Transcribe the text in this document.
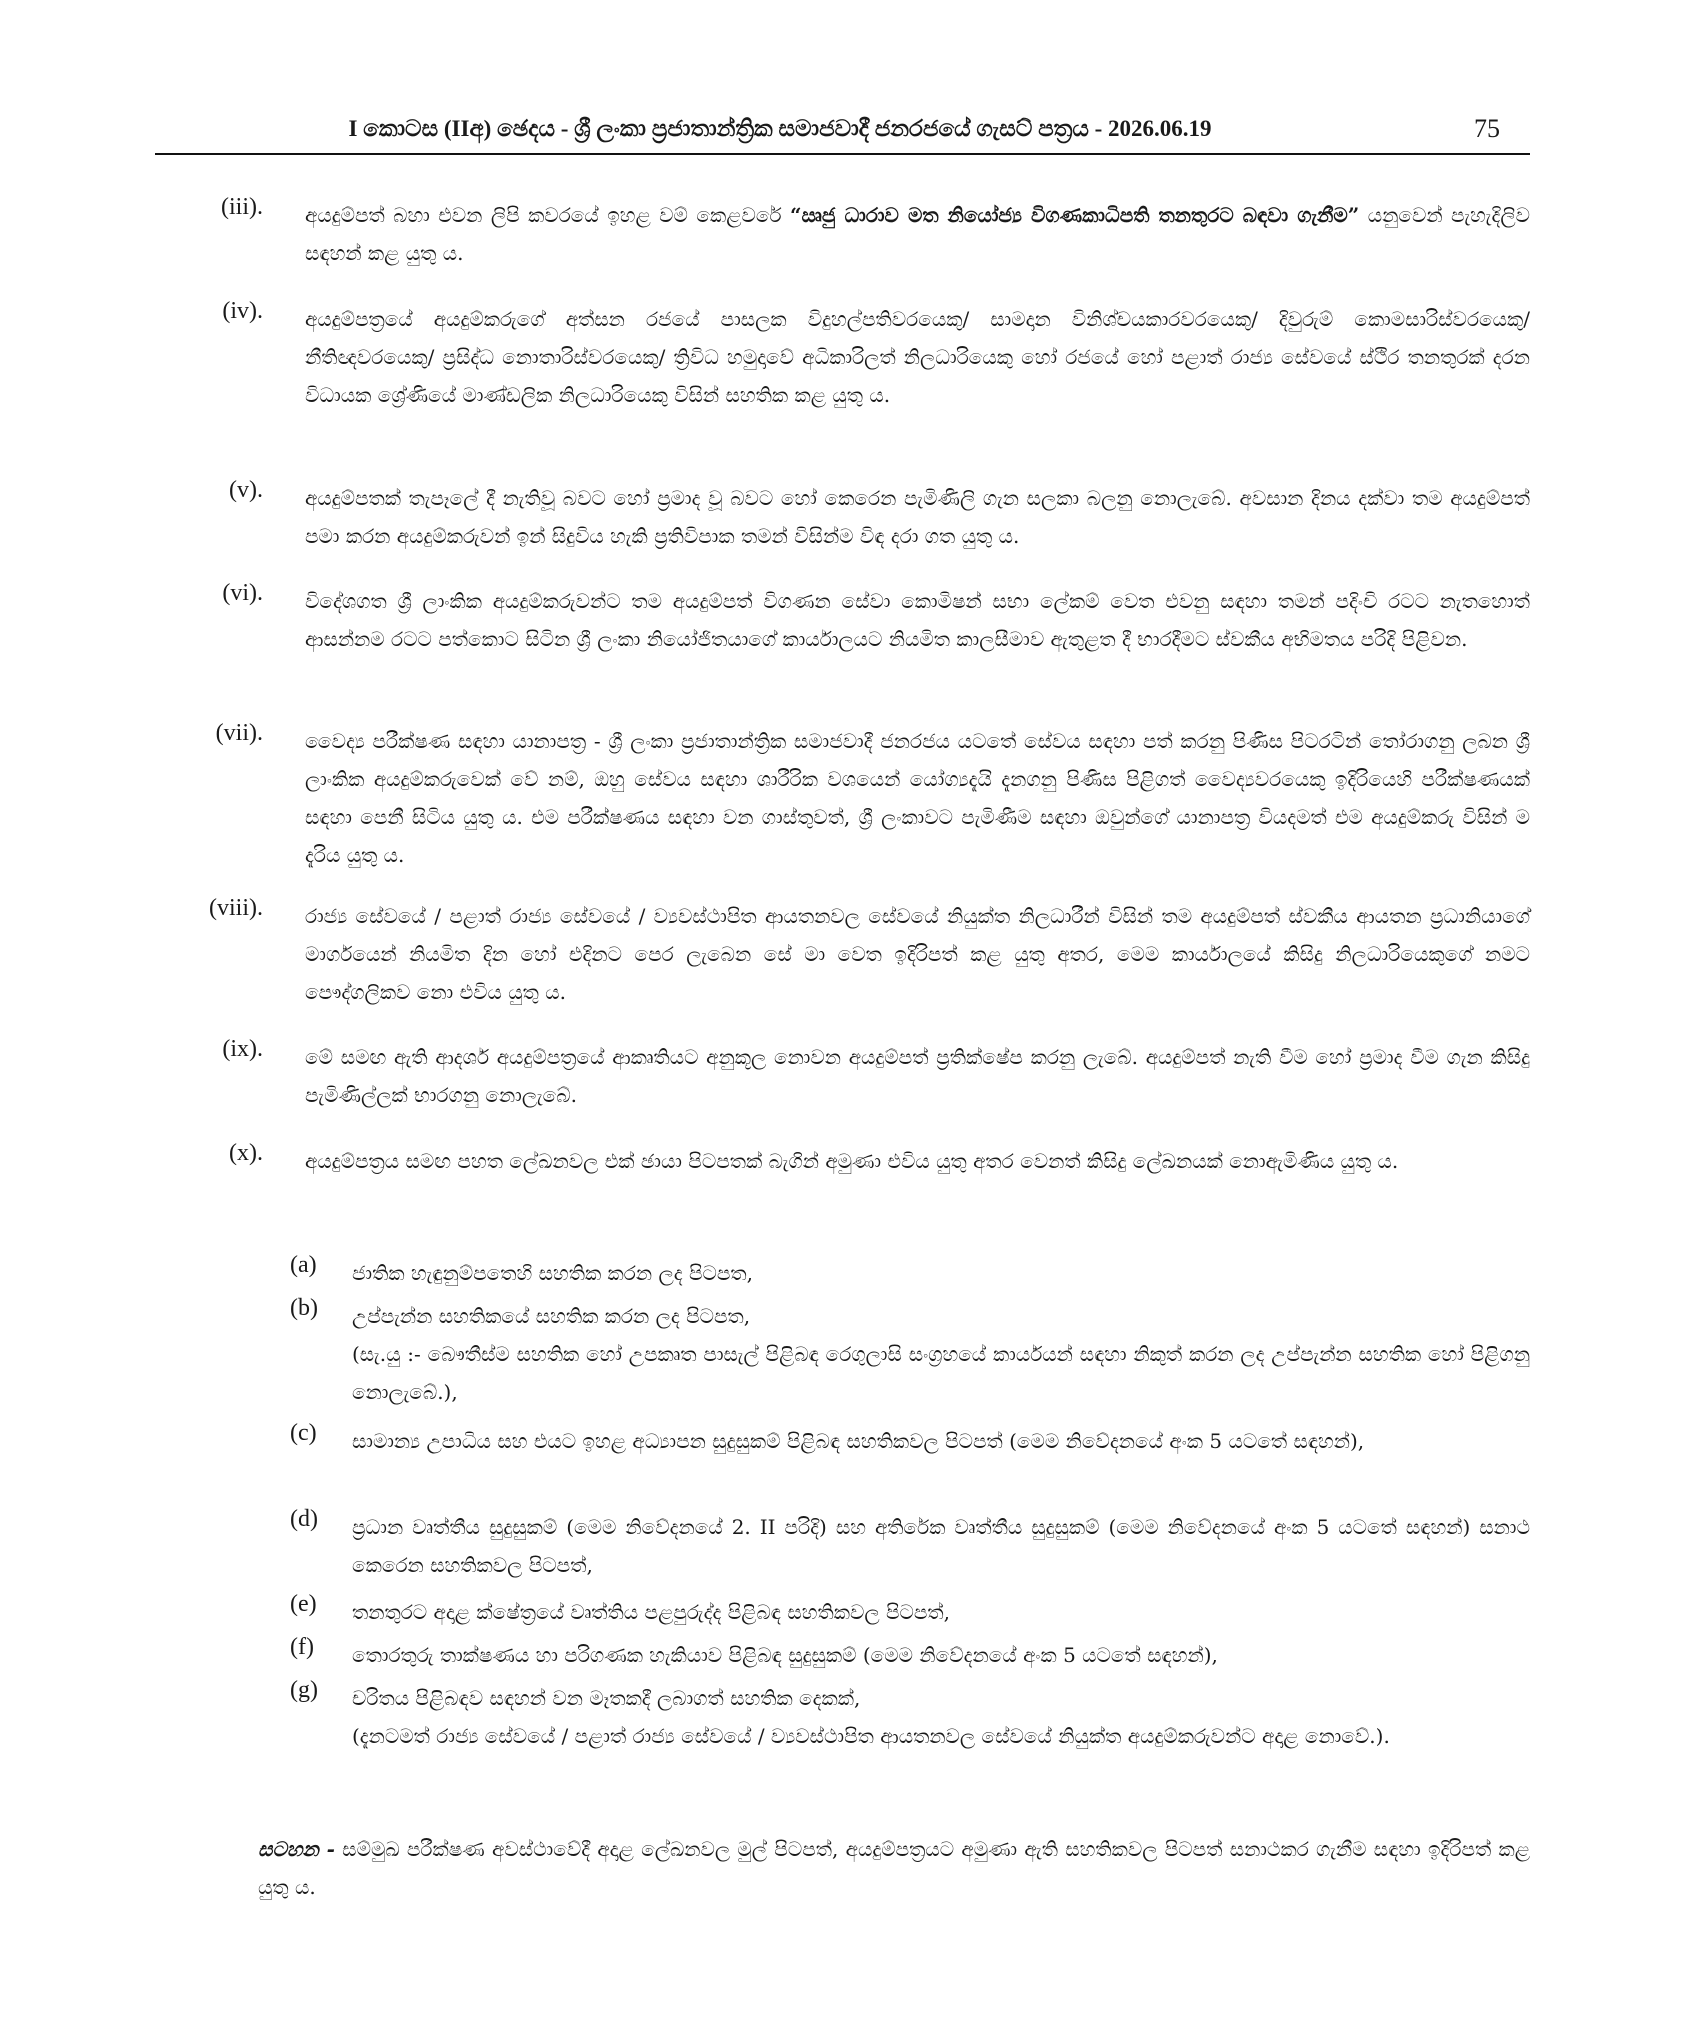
I කොටස (IIඅ) ඡෙදය - ශ්‍රී ලංකා ප්‍රජාතාන්ත්‍රික සමාජවාදී ජනරජයේ ගැසට් පත්‍රය - 2026.06.19	75
(iii). අයදුම්පත් බහා එවන ලිපි කවරයේ ඉහළ වම් කෙළවරේ “ඍජු ධාරාව මත නියෝජ්‍ය විගණකාධිපති තනතුරට බඳවා ගැනීම” යනුවෙන් පැහැදිලිව සඳහන් කළ යුතු ය.
(iv). අයදුම්පත්‍රයේ අයදුම්කරුගේ අත්සන රජයේ පාසලක විදුහල්පතිවරයෙකු/ සාමදාන විනිශ්චයකාරවරයෙකු/ දිවුරුම් කොමසාරිස්වරයෙකු/ නීතිඥවරයෙකු/ ප්‍රසිද්ධ නොතාරිස්වරයෙකු/ ත්‍රිවිධ හමුදාවේ අධිකාරිලත් නිලධාරියෙකු හෝ රජයේ හෝ පළාත් රාජ්‍ය සේවයේ ස්ථිර තනතුරක් දරන විධායක ශ්‍රේණියේ මාණ්ඩලික නිලධාරියෙකු විසින් සහතික කළ යුතු ය.
(v). අයදුම්පතක් තැපෑලේ දී නැතිවූ බවට හෝ ප්‍රමාද වූ බවට හෝ කෙරෙන පැමිණිලි ගැන සලකා බලනු නොලැබේ. අවසාන දිනය දක්වා තම අයදුම්පත් පමා කරන අයදුම්කරුවන් ඉන් සිදුවිය හැකි ප්‍රතිවිපාක තමන් විසින්ම විඳ දරා ගත යුතු ය.
(vi). විදේශගත ශ්‍රී ලාංකික අයදුම්කරුවන්ට තම අයදුම්පත් විගණන සේවා කොමිෂන් සභා ලේකම් වෙත එවනු සඳහා තමන් පදිංචි රටට නැතහොත් ආසන්නම රටට පත්කොට සිටින ශ්‍රී ලංකා නියෝජිතයාගේ කාර්යාලයට නියමිත කාලසීමාව ඇතුළත දී භාරදීමට ස්වකීය අභිමතය පරිදි පිළිවන.
(vii). වෛද්‍ය පරීක්ෂණ සඳහා යානාපත්‍ර - ශ්‍රී ලංකා ප්‍රජාතාන්ත්‍රික සමාජවාදී ජනරජය යටතේ සේවය සඳහා පත් කරනු පිණිස පිටරටින් තෝරාගනු ලබන ශ්‍රී ලාංකික අයදුම්කරුවෙක් වේ නම්, ඔහු සේවය සඳහා ශාරීරික වශයෙන් යෝග්‍යදැයි දැනගනු පිණිස පිළිගත් වෛද්‍යවරයෙකු ඉදිරියෙහි පරීක්ෂණයක් සඳහා පෙනී සිටිය යුතු ය. එම පරීක්ෂණය සඳහා වන ගාස්තුවත්, ශ්‍රී ලංකාවට පැමිණීම සඳහා ඔවුන්ගේ යානාපත්‍ර වියදමත් එම අයදුම්කරු විසින් ම දැරිය යුතු ය.
(viii). රාජ්‍ය සේවයේ / පළාත් රාජ්‍ය සේවයේ / ව්‍යවස්ථාපිත ආයතනවල සේවයේ නියුක්ත නිලධාරීන් විසින් තම අයදුම්පත් ස්වකීය ආයතන ප්‍රධානියාගේ මාර්ගයෙන් නියමිත දින හෝ එදිනට පෙර ලැබෙන සේ මා වෙත ඉදිරිපත් කළ යුතු අතර, මෙම කාර්යාලයේ කිසිදු නිලධාරියෙකුගේ නමට පෞද්ගලිකව නො එවිය යුතු ය.
(ix). මේ සමඟ ඇති ආදර්ශ අයදුම්පත්‍රයේ ආකෘතියට අනුකූල නොවන අයදුම්පත් ප්‍රතික්ෂේප කරනු ලැබේ. අයදුම්පත් නැති වීම හෝ ප්‍රමාද වීම ගැන කිසිදු පැමිණිල්ලක් භාරගනු නොලැබේ.
(x). අයදුම්පත්‍රය සමඟ පහත ලේඛනවල එක් ඡායා පිටපතක් බැගින් අමුණා එවිය යුතු අතර වෙනත් කිසිදු ලේඛනයක් නොඇමිණිය යුතු ය.
(a)	ජාතික හැඳුනුම්පතෙහි සහතික කරන ලද පිටපත,
(b)	උප්පැන්න සහතිකයේ සහතික කරන ලද පිටපත,
(සැ.යු :- බෞතීස්ම සහතික හෝ උපකෘත පාසැල් පිළිබඳ රෙගුලාසි සංග්‍රහයේ කාර්යයන් සඳහා නිකුත් කරන ලද උප්පැන්න සහතික හෝ පිළිගනු නොලැබේ.),
(c)	සාමාන්‍ය උපාධිය සහ එයට ඉහළ අධ්‍යාපන සුදුසුකම් පිළිබඳ සහතිකවල පිටපත් (මෙම නිවේදනයේ අංක 5 යටතේ සඳහන්),
(d)	ප්‍රධාන වෘත්තීය සුදුසුකම් (මෙම නිවේදනයේ 2. II පරිදි) සහ අතිරේක වෘත්තීය සුදුසුකම් (මෙම නිවේදනයේ අංක 5 යටතේ සඳහන්) සනාථ කෙරෙන සහතිකවල පිටපත්,
(e)	තනතුරට අදාළ ක්ෂේත්‍රයේ වෘත්තිය පළපුරුද්ද පිළිබඳ සහතිකවල පිටපත්,
(f)	තොරතුරු තාක්ෂණය හා පරිගණක හැකියාව පිළිබඳ සුදුසුකම් (මෙම නිවේදනයේ අංක 5 යටතේ සඳහන්),
(g)	චරිතය පිළිබඳව සඳහන් වන මෑතකදී ලබාගත් සහතික දෙකක්,
(දැනටමත් රාජ්‍ය සේවයේ / පළාත් රාජ්‍ය සේවයේ / ව්‍යවස්ථාපිත ආයතනවල සේවයේ නියුක්ත අයදුම්කරුවන්ට අදාළ නොවේ.).
සටහන - සම්මුඛ පරීක්ෂණ අවස්ථාවේදී අදාළ ලේඛනවල මුල් පිටපත්, අයදුම්පත්‍රයට අමුණා ඇති සහතිකවල පිටපත් සනාථකර ගැනීම සඳහා ඉදිරිපත් කළ යුතු ය.
